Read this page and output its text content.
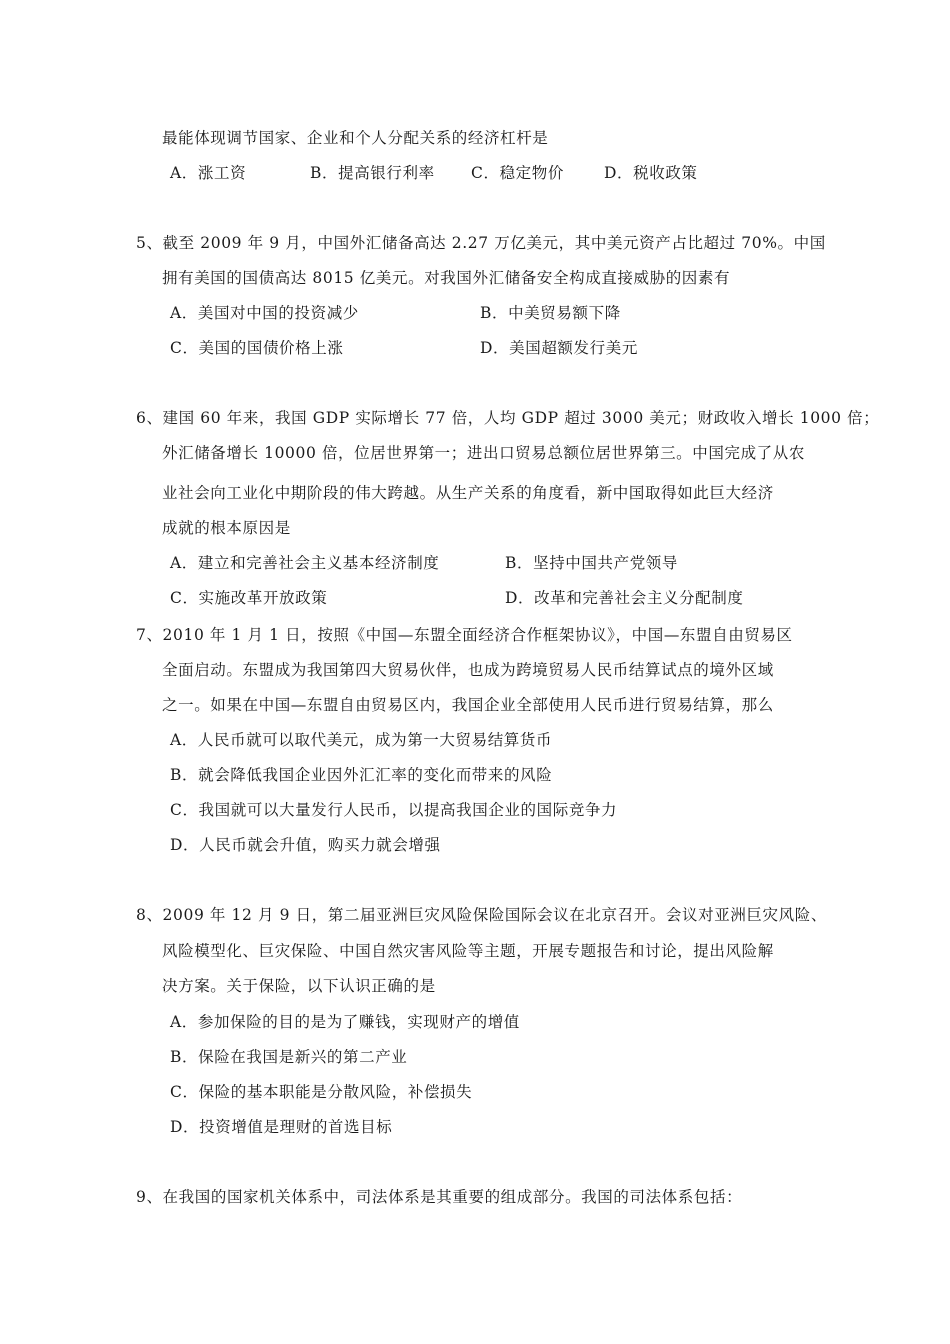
最能体现调节国家、企业和个人分配关系的经济杠杆是
A．涨工资	B．提高银行利率 C．稳定物价	D．税收政策
5、截至 2009 年 9 月，中国外汇储备高达 2.27 万亿美元，其中美元资产占比超过 70%。中国
拥有美国的国债高达 8015 亿美元。对我国外汇储备安全构成直接威胁的因素有
A．美国对中国的投资减少	B．中美贸易额下降
C．美国的国债价格上涨	D．美国超额发行美元
6、建国 60 年来，我国 GDP 实际增长 77 倍，人均 GDP 超过 3000 美元；财政收入增长 1000 倍；
外汇储备增长 10000 倍，位居世界第一；进出口贸易总额位居世界第三。中国完成了从农
业社会向工业化中期阶段的伟大跨越。从生产关系的角度看，新中国取得如此巨大经济
成就的根本原因是
A．建立和完善社会主义基本经济制度	B．坚持中国共产党领导
C．实施改革开放政策	D．改革和完善社会主义分配制度
7、2010 年 1 月 1 日，按照《中国—东盟全面经济合作框架协议》，中国—东盟自由贸易区
全面启动。东盟成为我国第四大贸易伙伴，也成为跨境贸易人民币结算试点的境外区域
之一。如果在中国—东盟自由贸易区内，我国企业全部使用人民币进行贸易结算，那么
A．人民币就可以取代美元，成为第一大贸易结算货币
B．就会降低我国企业因外汇汇率的变化而带来的风险
C．我国就可以大量发行人民币，以提高我国企业的国际竞争力
D．人民币就会升值，购买力就会增强
8、2009 年 12 月 9 日，第二届亚洲巨灾风险保险国际会议在北京召开。会议对亚洲巨灾风险、
风险模型化、巨灾保险、中国自然灾害风险等主题，开展专题报告和讨论，提出风险解
决方案。关于保险，以下认识正确的是
A．参加保险的目的是为了赚钱，实现财产的增值
B．保险在我国是新兴的第二产业
C．保险的基本职能是分散风险，补偿损失
D．投资增值是理财的首选目标
9、在我国的国家机关体系中，司法体系是其重要的组成部分。我国的司法体系包括：
